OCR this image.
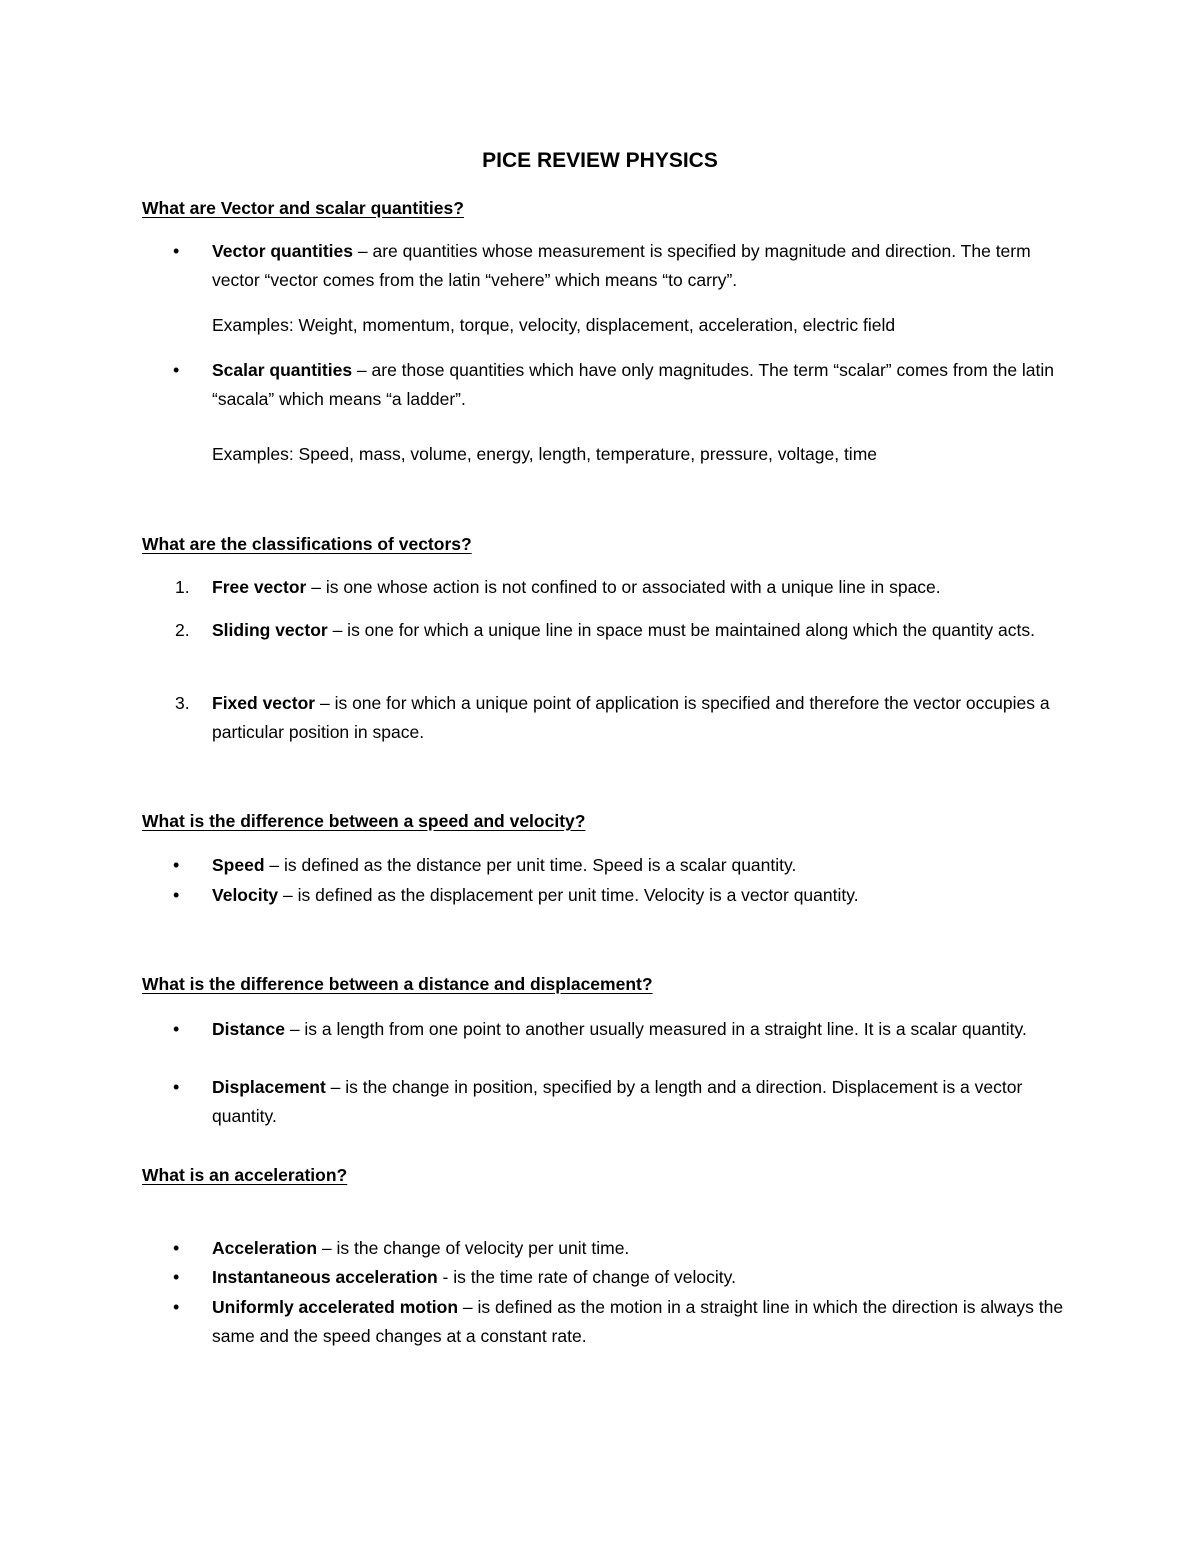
PICE REVIEW PHYSICS
What are Vector and scalar quantities?
•	Vector quantities – are quantities whose measurement is specified by magnitude and direction. The term vector “vector comes from the latin “vehere” which means “to carry”.
Examples: Weight, momentum, torque, velocity, displacement, acceleration, electric field
•	Scalar quantities – are those quantities which have only magnitudes. The term “scalar” comes from the latin “sacala” which means “a ladder”.
Examples: Speed, mass, volume, energy, length, temperature, pressure, voltage, time
What are the classifications of vectors?
1.	Free vector – is one whose action is not confined to or associated with a unique line in space.
2.	Sliding vector – is one for which a unique line in space must be maintained along which the quantity acts.
3.	Fixed vector – is one for which a unique point of application is specified and therefore the vector occupies a particular position in space.
What is the difference between a speed and velocity?
•	Speed – is defined as the distance per unit time. Speed is a scalar quantity.
•	Velocity – is defined as the displacement per unit time. Velocity is a vector quantity.
What is the difference between a distance and displacement?
•	Distance – is a length from one point to another usually measured in a straight line. It is a scalar quantity.
•	Displacement – is the change in position, specified by a length and a direction. Displacement is a vector quantity.
What is an acceleration?
•	Acceleration – is the change of velocity per unit time.
•	Instantaneous acceleration - is the time rate of change of velocity.
•	Uniformly accelerated motion – is defined as the motion in a straight line in which the direction is always the same and the speed changes at a constant rate.
